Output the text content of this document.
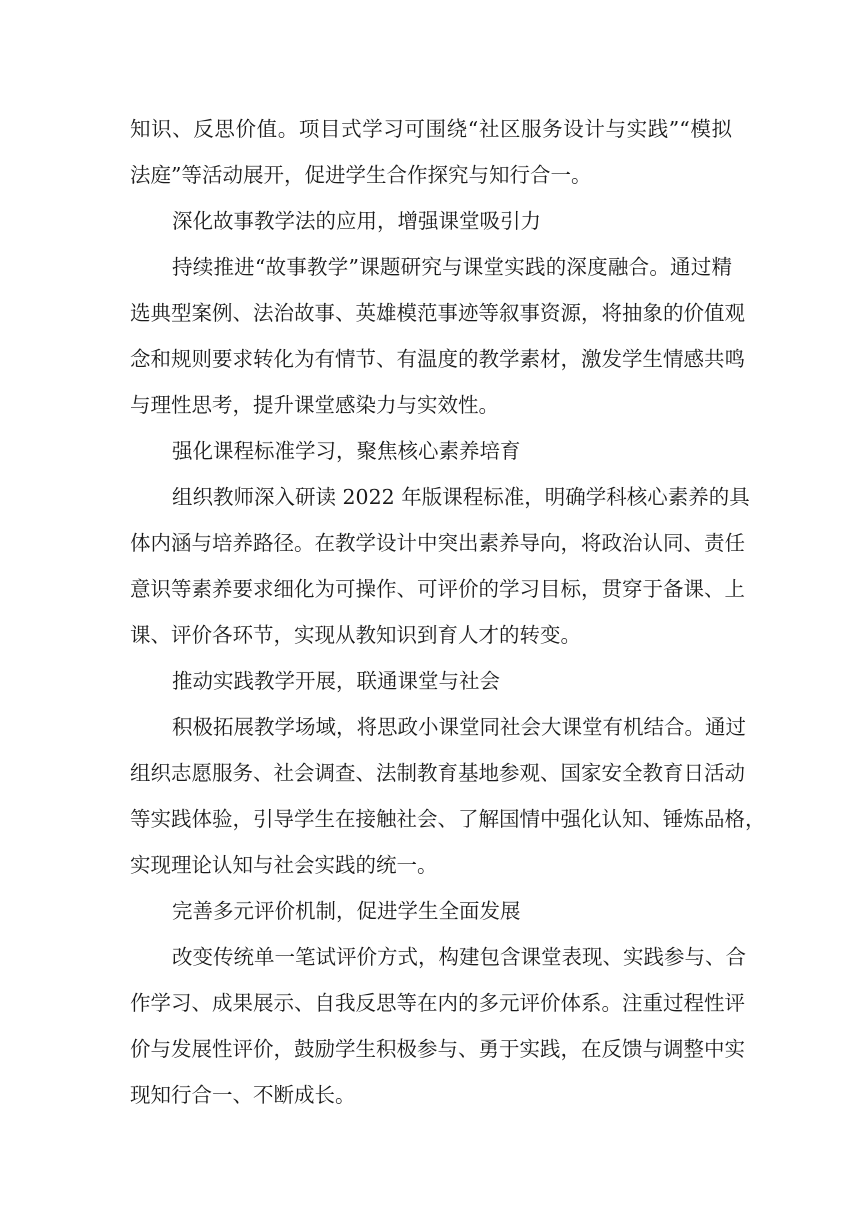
知识、反思价值。项目式学习可围绕“社区服务设计与实践”“模拟
法庭”等活动展开，促进学生合作探究与知行合一。
深化故事教学法的应用，增强课堂吸引力
持续推进“故事教学”课题研究与课堂实践的深度融合。通过精
选典型案例、法治故事、英雄模范事迹等叙事资源，将抽象的价值观
念和规则要求转化为有情节、有温度的教学素材，激发学生情感共鸣
与理性思考，提升课堂感染力与实效性。
强化课程标准学习，聚焦核心素养培育
组织教师深入研读 2022 年版课程标准，明确学科核心素养的具
体内涵与培养路径。在教学设计中突出素养导向，将政治认同、责任
意识等素养要求细化为可操作、可评价的学习目标，贯穿于备课、上
课、评价各环节，实现从教知识到育人才的转变。
推动实践教学开展，联通课堂与社会
积极拓展教学场域，将思政小课堂同社会大课堂有机结合。通过
组织志愿服务、社会调查、法制教育基地参观、国家安全教育日活动
等实践体验，引导学生在接触社会、了解国情中强化认知、锤炼品格，
实现理论认知与社会实践的统一。
完善多元评价机制，促进学生全面发展
改变传统单一笔试评价方式，构建包含课堂表现、实践参与、合
作学习、成果展示、自我反思等在内的多元评价体系。注重过程性评
价与发展性评价，鼓励学生积极参与、勇于实践，在反馈与调整中实
现知行合一、不断成长。
